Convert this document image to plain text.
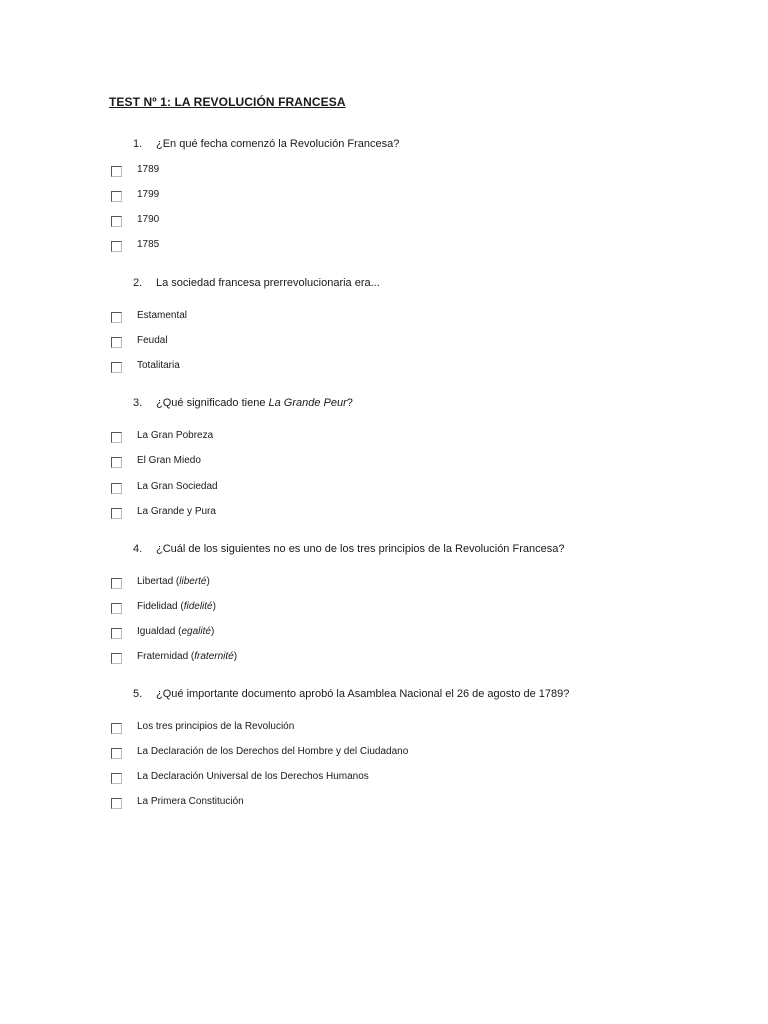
TEST Nº 1: LA REVOLUCIÓN FRANCESA
1. ¿En qué fecha comenzó la Revolución Francesa?
1789
1799
1790
1785
2. La sociedad francesa prerrevolucionaria era...
Estamental
Feudal
Totalitaria
3. ¿Qué significado tiene La Grande Peur?
La Gran Pobreza
El Gran Miedo
La Gran Sociedad
La Grande y Pura
4. ¿Cuál de los siguientes no es uno de los tres principios de la Revolución Francesa?
Libertad (liberté)
Fidelidad (fidelité)
Igualdad (egalité)
Fraternidad (fraternité)
5. ¿Qué importante documento aprobó la Asamblea Nacional el 26 de agosto de 1789?
Los tres principios de la Revolución
La Declaración de los Derechos del Hombre y del Ciudadano
La Declaración Universal de los Derechos Humanos
La Primera Constitución
